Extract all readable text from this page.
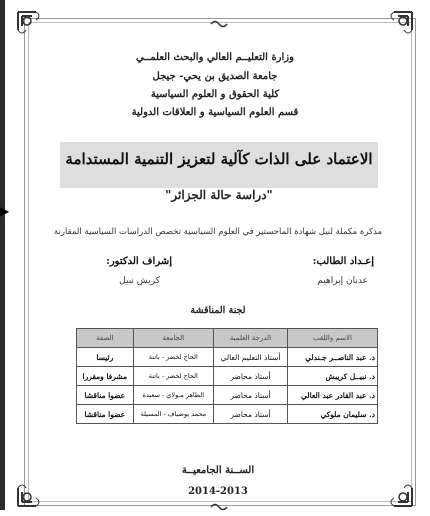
▶
وزارة التعليــم العالي والبحث العلمــي
جامعة الصديق بن يحي- جيجل
كلية الحقوق و العلوم السياسية
قسم العلوم السياسية و العلاقات الدولية
الاعتماد على الذات كآلية لتعزيز التنمية المستدامة
"دراسة حالة الجزائر"
مذكرة مكملة لنيل شهادة الماجستير في العلوم السياسية تخصص الدراسات السياسية المقارنة
إعـداد الطالب:
عدنان إبراهيم
إشراف الدكتور:
كريش نبيل
لجنة المناقشة
الاسم واللقب	الدرجة العلمية	الجامعة	الصفة
د. عبد الناصــر جـندلي	أستاذ التعليم العالي	الحاج لخضر - باتنة	رئيسا
د. نبيــل كريبش	أستاذ محاضر	الحاج لخضر - باتنة	مشرفا ومقررا
د. عبد القادر عبد العالي	أستاذ محاضر	الطاهر مـولاي - سعيدة	عضوا مناقشا
د. سليمان ملوكي	أستاذ محاضر	محمد بوضياف - المسيلة	عضوا مناقشا
الســنة الجامعيــة
2014-2013
